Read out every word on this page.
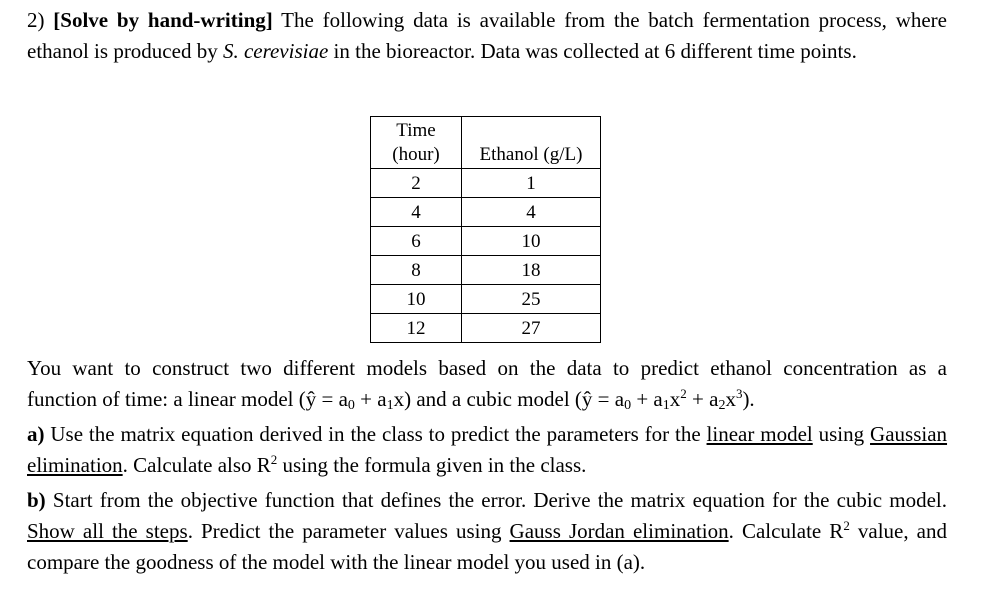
2) [Solve by hand-writing] The following data is available from the batch fermentation process, where ethanol is produced by S. cerevisiae in the bioreactor. Data was collected at 6 different time points.
Time
(hour)	Ethanol (g/L)
2	1
4	4
6	10
8	18
10	25
12	27
You want to construct two different models based on the data to predict ethanol concentration as a
function of time: a linear model (ŷ = $a_0 + a_1x$) and a cubic model (ŷ = $a_0 + a_1x^2 + a_2x^3$).
a) Use the matrix equation derived in the class to predict the parameters for the linear model using Gaussian elimination. Calculate also $R^2$ using the formula given in the class.
b) Start from the objective function that defines the error. Derive the matrix equation for the cubic model. Show all the steps. Predict the parameter values using Gauss Jordan elimination. Calculate $R^2$ value, and compare the goodness of the model with the linear model you used in (a).
